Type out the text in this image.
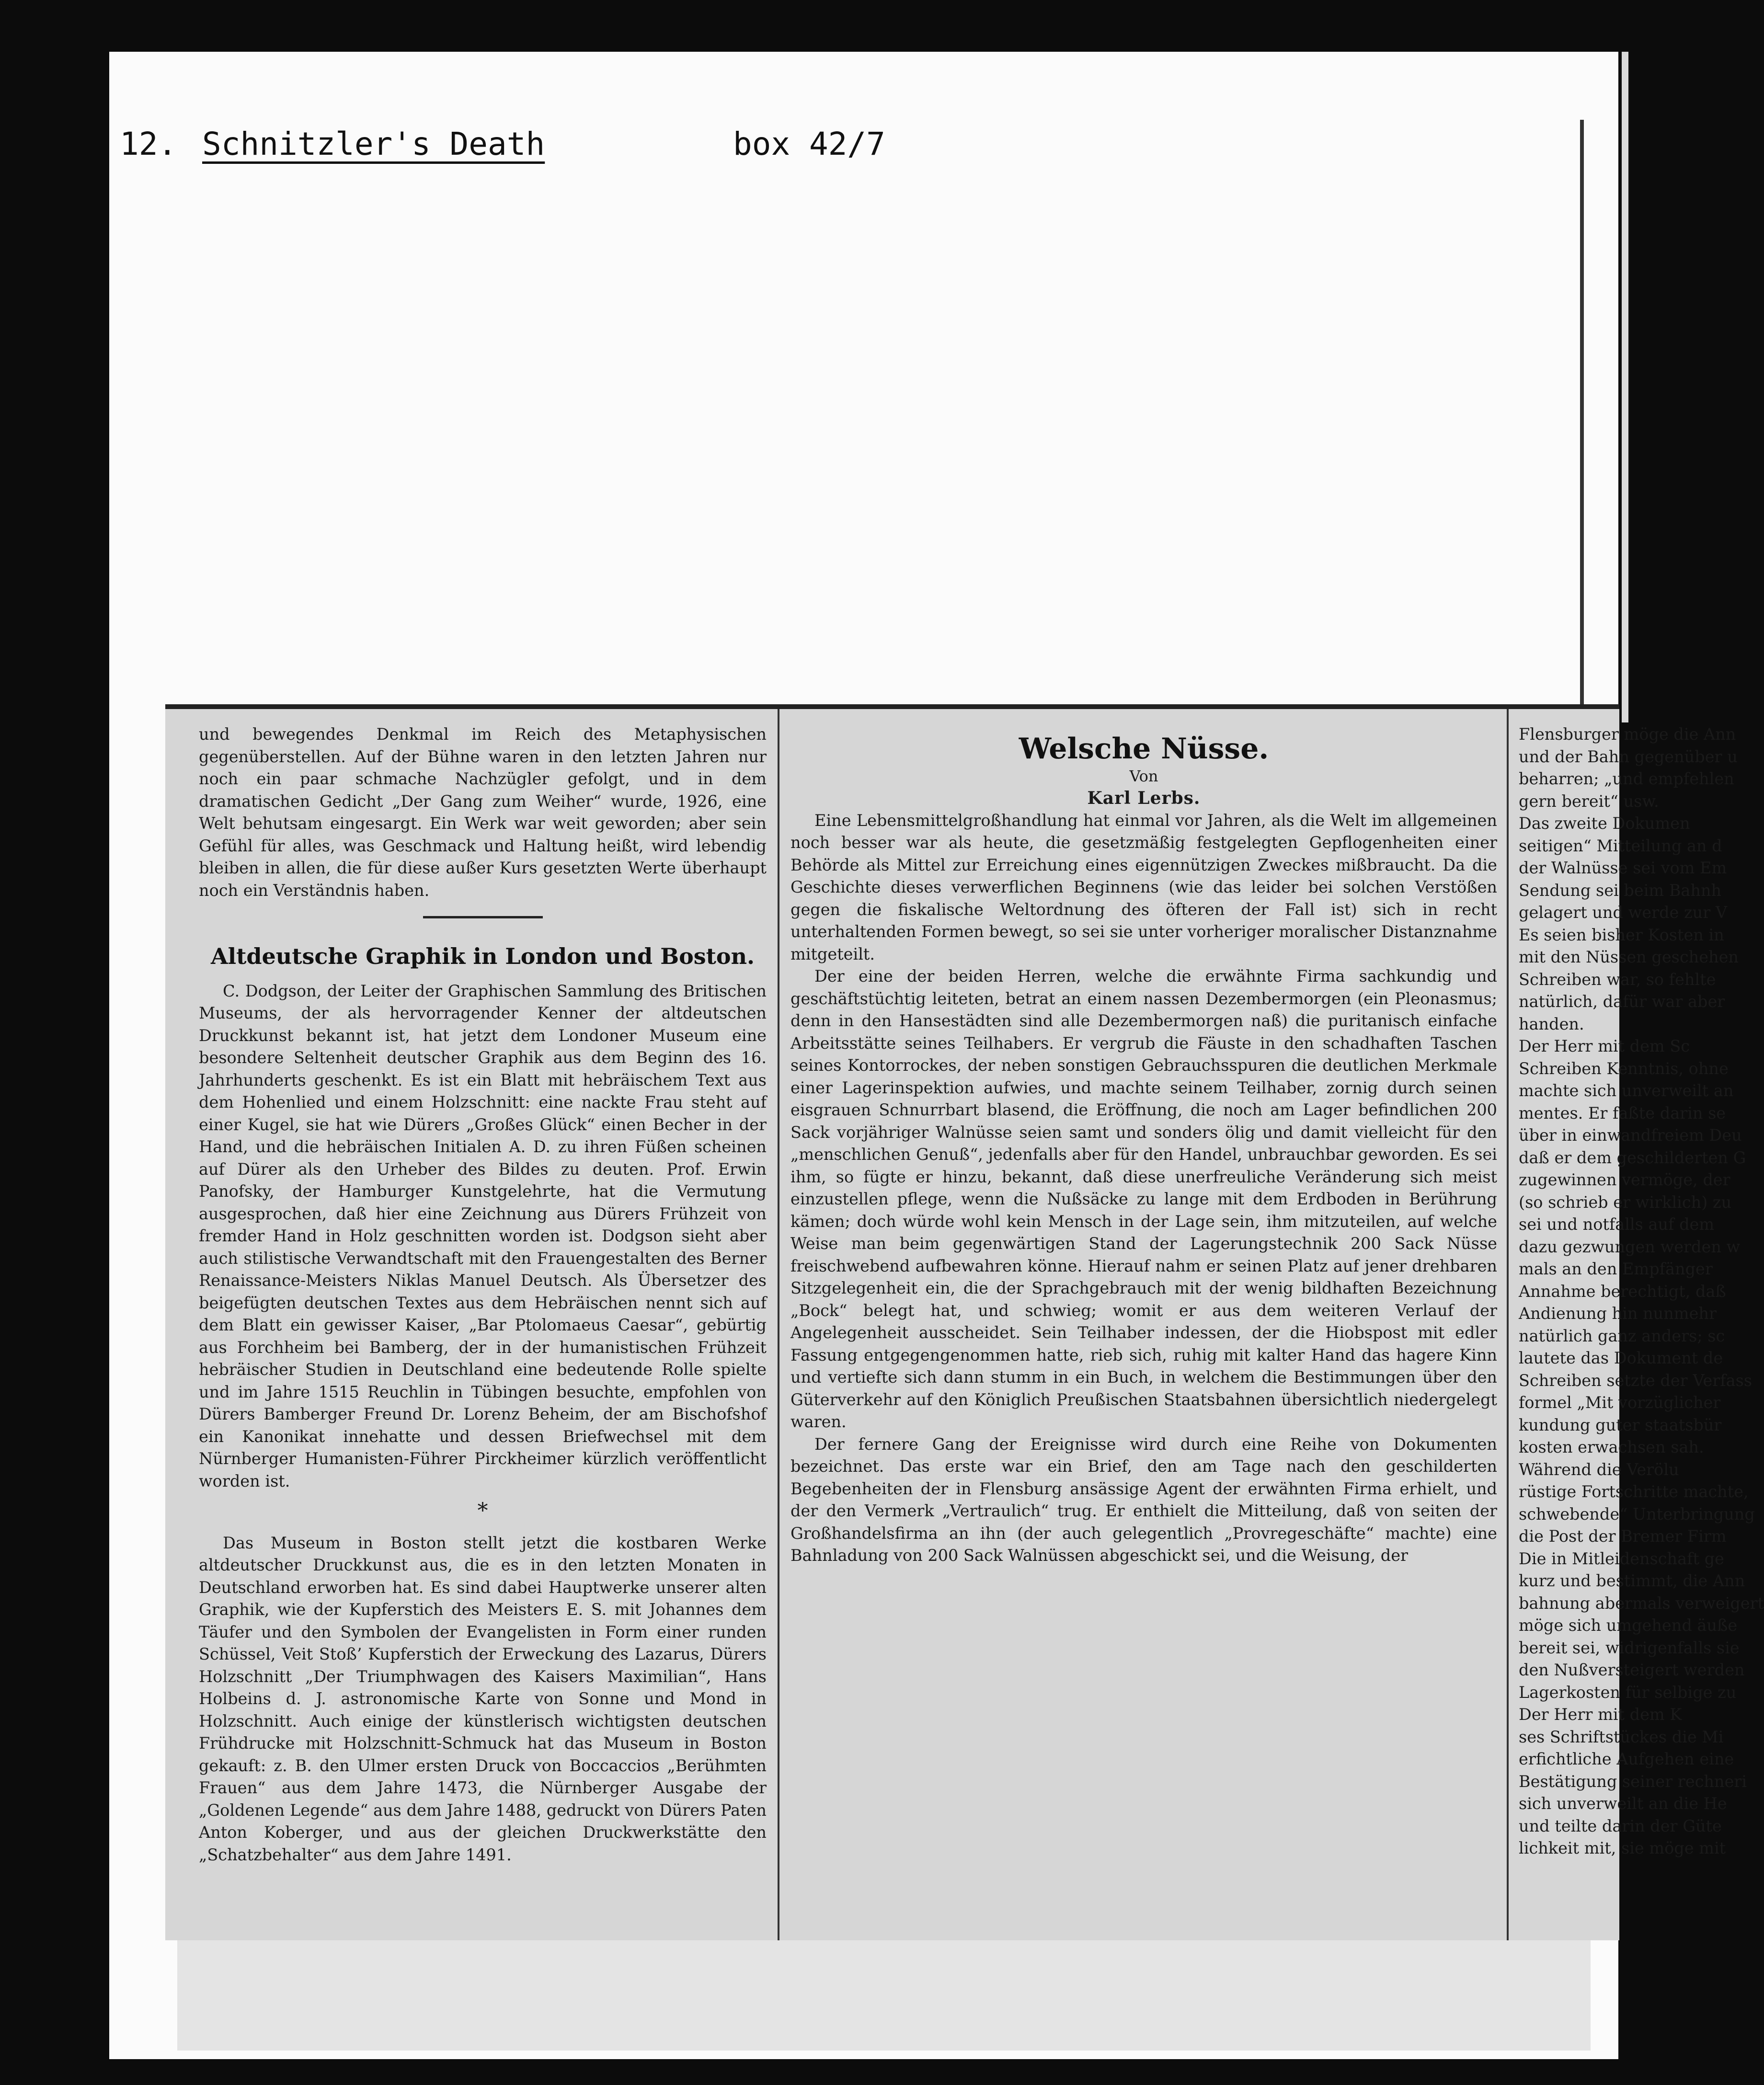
12. Schnitzler's Death	box 42/7

und bewegendes Denkmal im Reich des Metaphysischen gegenüberstellen. Auf der Bühne waren in den letzten Jahren nur noch ein paar schmache Nachzügler gefolgt, und in dem dramatischen Gedicht „Der Gang zum Weiher“ wurde, 1926, eine Welt behutsam eingesargt. Ein Werk war weit geworden; aber sein Gefühl für alles, was Geschmack und Haltung heißt, wird lebendig bleiben in allen, die für diese außer Kurs gesetzten Werte überhaupt noch ein Verständnis haben.

Altdeutsche Graphik in London und Boston.

C. Dodgson, der Leiter der Graphischen Sammlung des Britischen Museums, der als hervorragender Kenner der altdeutschen Druckkunst bekannt ist, hat jetzt dem Londoner Museum eine besondere Seltenheit deutscher Graphik aus dem Beginn des 16. Jahrhunderts geschenkt. Es ist ein Blatt mit hebräischem Text aus dem Hohenlied und einem Holzschnitt: eine nackte Frau steht auf einer Kugel, sie hat wie Dürers „Großes Glück“ einen Becher in der Hand, und die hebräischen Initialen A. D. zu ihren Füßen scheinen auf Dürer als den Urheber des Bildes zu deuten. Prof. Erwin Panofsky, der Hamburger Kunstgelehrte, hat die Vermutung ausgesprochen, daß hier eine Zeichnung aus Dürers Frühzeit von fremder Hand in Holz geschnitten worden ist. Dodgson sieht aber auch stilistische Verwandtschaft mit den Frauengestalten des Berner Renaissance-Meisters Niklas Manuel Deutsch. Als Übersetzer des beigefügten deutschen Textes aus dem Hebräischen nennt sich auf dem Blatt ein gewisser Kaiser, „Bar Ptolomaeus Caesar“, gebürtig aus Forchheim bei Bamberg, der in der humanistischen Frühzeit hebräischer Studien in Deutschland eine bedeutende Rolle spielte und im Jahre 1515 Reuchlin in Tübingen besuchte, empfohlen von Dürers Bamberger Freund Dr. Lorenz Beheim, der am Bischofshof ein Kanonikat innehatte und dessen Briefwechsel mit dem Nürnberger Humanisten-Führer Pirckheimer kürzlich veröffentlicht worden ist.

*

Das Museum in Boston stellt jetzt die kostbaren Werke altdeutscher Druckkunst aus, die es in den letzten Monaten in Deutschland erworben hat. Es sind dabei Hauptwerke unserer alten Graphik, wie der Kupferstich des Meisters E. S. mit Johannes dem Täufer und den Symbolen der Evangelisten in Form einer runden Schüssel, Veit Stoß’ Kupferstich der Erweckung des Lazarus, Dürers Holzschnitt „Der Triumphwagen des Kaisers Maximilian“, Hans Holbeins d. J. astronomische Karte von Sonne und Mond in Holzschnitt. Auch einige der künstlerisch wichtigsten deutschen Frühdrucke mit Holzschnitt-Schmuck hat das Museum in Boston gekauft: z. B. den Ulmer ersten Druck von Boccaccios „Berühmten Frauen“ aus dem Jahre 1473, die Nürnberger Ausgabe der „Goldenen Legende“ aus dem Jahre 1488, gedruckt von Dürers Paten Anton Koberger, und aus der gleichen Druckwerkstätte den „Schatzbehalter“ aus dem Jahre 1491.

Welsche Nüsse.

Von

Karl Lerbs.

Eine Lebensmittelgroßhandlung hat einmal vor Jahren, als die Welt im allgemeinen noch besser war als heute, die gesetzmäßig festgelegten Gepflogenheiten einer Behörde als Mittel zur Erreichung eines eigennützigen Zweckes mißbraucht. Da die Geschichte dieses verwerflichen Beginnens (wie das leider bei solchen Verstößen gegen die fiskalische Weltordnung des öfteren der Fall ist) sich in recht unterhaltenden Formen bewegt, so sei sie unter vorheriger moralischer Distanznahme mitgeteilt.

Der eine der beiden Herren, welche die erwähnte Firma sachkundig und geschäftstüchtig leiteten, betrat an einem nassen Dezembermorgen (ein Pleonasmus; denn in den Hansestädten sind alle Dezembermorgen naß) die puritanisch einfache Arbeitsstätte seines Teilhabers. Er vergrub die Fäuste in den schadhaften Taschen seines Kontorrockes, der neben sonstigen Gebrauchsspuren die deutlichen Merkmale einer Lagerinspektion aufwies, und machte seinem Teilhaber, zornig durch seinen eisgrauen Schnurrbart blasend, die Eröffnung, die noch am Lager befindlichen 200 Sack vorjähriger Walnüsse seien samt und sonders ölig und damit vielleicht für den „menschlichen Genuß“, jedenfalls aber für den Handel, unbrauchbar geworden. Es sei ihm, so fügte er hinzu, bekannt, daß diese unerfreuliche Veränderung sich meist einzustellen pflege, wenn die Nußsäcke zu lange mit dem Erdboden in Berührung kämen; doch würde wohl kein Mensch in der Lage sein, ihm mitzuteilen, auf welche Weise man beim gegenwärtigen Stand der Lagerungstechnik 200 Sack Nüsse freischwebend aufbewahren könne. Hierauf nahm er seinen Platz auf jener drehbaren Sitzgelegenheit ein, die der Sprachgebrauch mit der wenig bildhaften Bezeichnung „Bock“ belegt hat, und schwieg; womit er aus dem weiteren Verlauf der Angelegenheit ausscheidet. Sein Teilhaber indessen, der die Hiobspost mit edler Fassung entgegengenommen hatte, rieb sich, ruhig mit kalter Hand das hagere Kinn und vertiefte sich dann stumm in ein Buch, in welchem die Bestimmungen über den Güterverkehr auf den Königlich Preußischen Staatsbahnen übersichtlich niedergelegt waren.

Der fernere Gang der Ereignisse wird durch eine Reihe von Dokumenten bezeichnet. Das erste war ein Brief, den am Tage nach den geschilderten Begebenheiten der in Flensburg ansässige Agent der erwähnten Firma erhielt, und der den Vermerk „Vertraulich“ trug. Er enthielt die Mitteilung, daß von seiten der Großhandelsfirma an ihn (der auch gelegentlich „Provregeschäfte“ machte) eine Bahnladung von 200 Sack Walnüssen abgeschickt sei, und die Weisung, der

Flensburger möge die Ann
und der Bahn gegenüber u
beharren; „und empfehlen
gern bereit“ usw.
Das zweite Dokumen
seitigen“ Mitteilung an d
der Walnüsse sei vom Em
Sendung sei beim Bahnh
gelagert und werde zur V
Es seien bisher Kosten in
mit den Nüssen geschehen
Schreiben war, so fehlte
natürlich, dafür war aber
handen.
Der Herr mit dem Sc
Schreiben Kenntnis, ohne
machte sich unverweilt an
mentes. Er faßte darin se
über in einwandfreiem Deu
daß er dem geschilderten G
zugewinnen vermöge, der
(so schrieb er wirklich) zu
sei und notfalls auf dem
dazu gezwungen werden w
mals an den Empfänger
Annahme berechtigt, daß
Andienung hin nunmehr
natürlich ganz anders; sc
lautete das Dokument de
Schreiben setzte der Verfass
formel „Mit vorzüglicher
kundung guter staatsbür
kosten erwachsen sah.
Während die Verölu
rüstige Fortschritte machte,
schwebende“ Unterbringung
die Post der Bremer Firm
Die in Mitleidenschaft ge
kurz und bestimmt, die Ann
bahnung abermals verweigert
möge sich umgehend äuße
bereit sei, widrigenfalls sie
den Nußversteigert werden
Lagerkosten für selbige zu
Der Herr mit dem K
ses Schriftstückes die Mi
erfichtliche Aufgehen eine
Bestätigung seiner rechneri
sich unverweilt an die He
und teilte darin der Güte
lichkeit mit, sie möge mit
